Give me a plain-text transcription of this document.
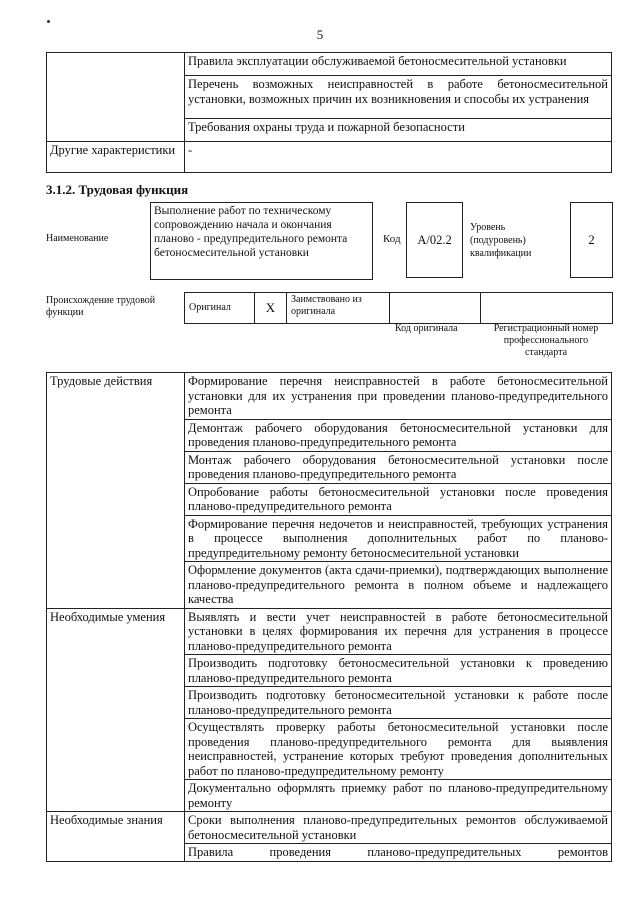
5
	Правила эксплуатации обслуживаемой бетоносмесительной установки
	Перечень возможных неисправностей в работе бетоносмесительной установки, возможных причин их возникновения и способы их устранения
	Требования охраны труда и пожарной безопасности
Другие характеристики	-
3.1.2. Трудовая функция
Наименование
Выполнение работ по техническому сопровождению начала и окончания планово - предупредительного ремонта бетоносмесительной установки
Код	A/02.2
Уровень (подуровень) квалификации
2
Происхождение трудовой функции	Оригинал	X	Заимствовано из оригинала		
Код оригинала	Регистрационный номер профессионального стандарта
Трудовые действия	Формирование перечня неисправностей в работе бетоносмесительной установки для их устранения при проведении планово-предупредительного ремонта
	Демонтаж рабочего оборудования бетоносмесительной установки для проведения планово-предупредительного ремонта
	Монтаж рабочего оборудования бетоносмесительной установки после проведения планово-предупредительного ремонта
	Опробование работы бетоносмесительной установки после проведения планово-предупредительного ремонта
	Формирование перечня недочетов и неисправностей, требующих устранения в процессе выполнения дополнительных работ по планово-предупредительному ремонту бетоносмесительной установки
	Оформление документов (акта сдачи-приемки), подтверждающих выполнение планово-предупредительного ремонта в полном объеме и надлежащего качества
Необходимые умения	Выявлять и вести учет неисправностей в работе бетоносмесительной установки в целях формирования их перечня для устранения в процессе планово-предупредительного ремонта
	Производить подготовку бетоносмесительной установки к проведению планово-предупредительного ремонта
	Производить подготовку бетоносмесительной установки к работе после планово-предупредительного ремонта
	Осуществлять проверку работы бетоносмесительной установки после проведения планово-предупредительного ремонта для выявления неисправностей, устранение которых требуют проведения дополнительных работ по планово-предупредительному ремонту
	Документально оформлять приемку работ по планово-предупредительному ремонту
Необходимые знания	Сроки выполнения планово-предупредительных ремонтов обслуживаемой бетоносмесительной установки
	Правила проведения планово-предупредительных ремонтов
